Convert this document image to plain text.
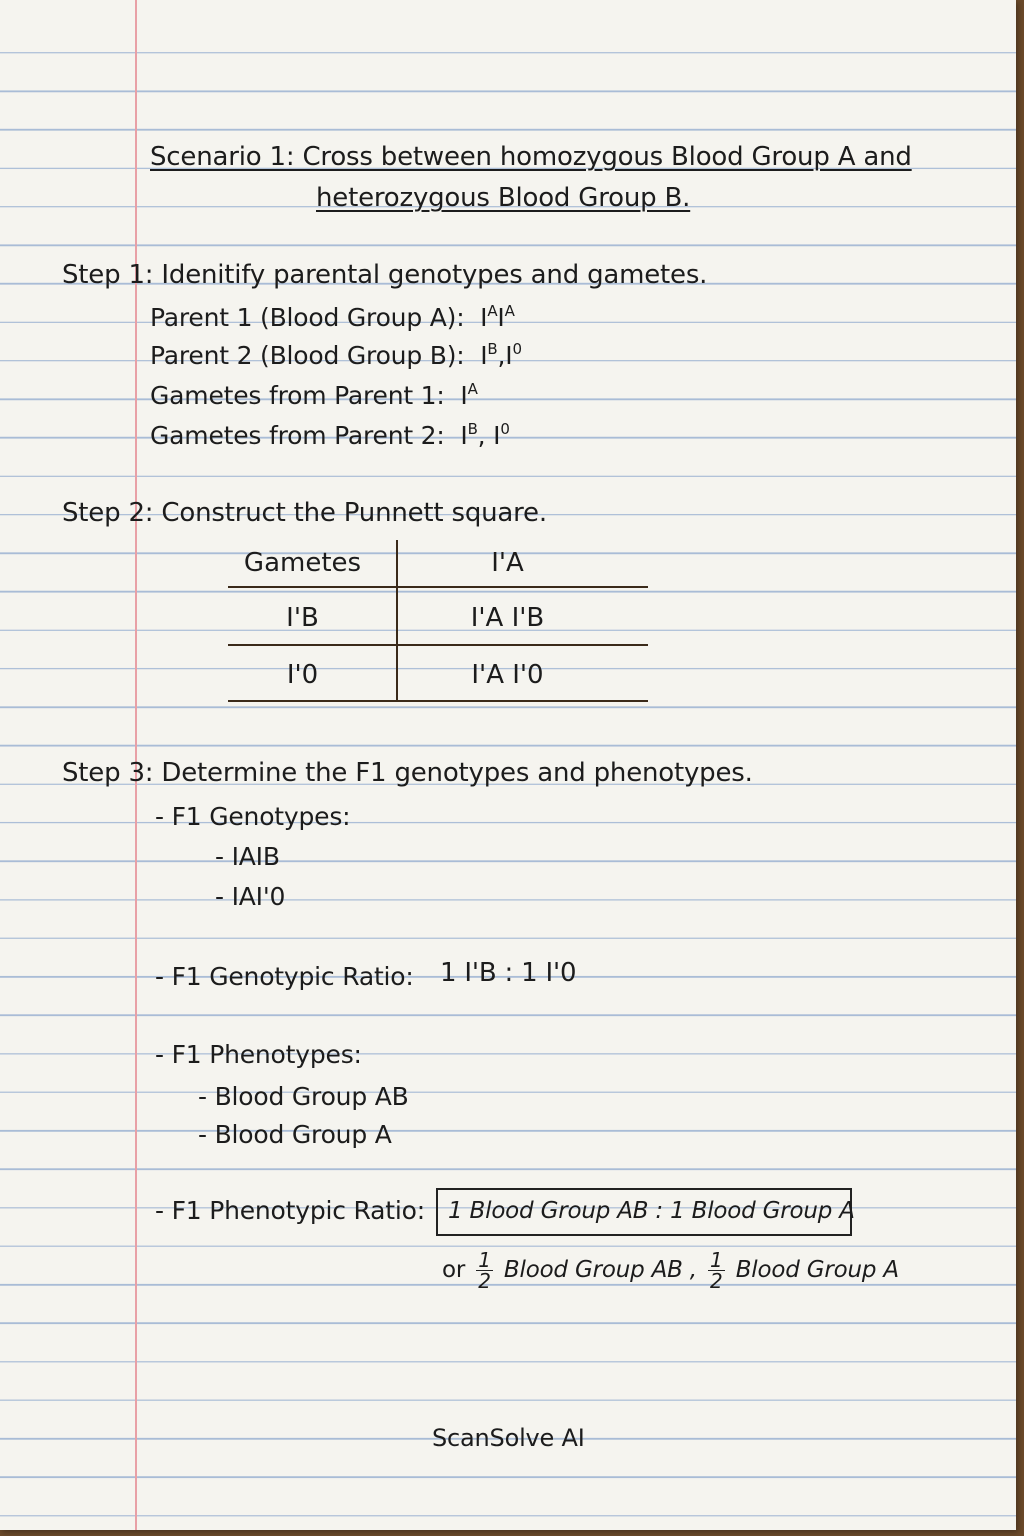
Scenario 1: Cross between homozygous Blood Group A and
heterozygous Blood Group B.
Step 1: Idenitify parental genotypes and gametes.
Parent 1 (Blood Group A): $I^AI^A$
Parent 2 (Blood Group B): $I^B,I^0$
Gametes from Parent 1: $I^A$
Gametes from Parent 2: $I^B$, $I^0$
Step 2: Construct the Punnett square.
Gametes	I'A
I'B	I'A I'B
I'0	I'A I'0
Step 3: Determine the F1 genotypes and phenotypes.
- F1 Genotypes:
- IAIB
- IAI'0
- F1 Genotypic Ratio: 1 I'B : 1 I'0
- F1 Phenotypes:
- Blood Group AB
- Blood Group A
- F1 Phenotypic Ratio: 1 Blood Group AB : 1 Blood Group A
or $\frac{1}{2}$ Blood Group AB , $\frac{1}{2}$ Blood Group A
ScanSolve AI
